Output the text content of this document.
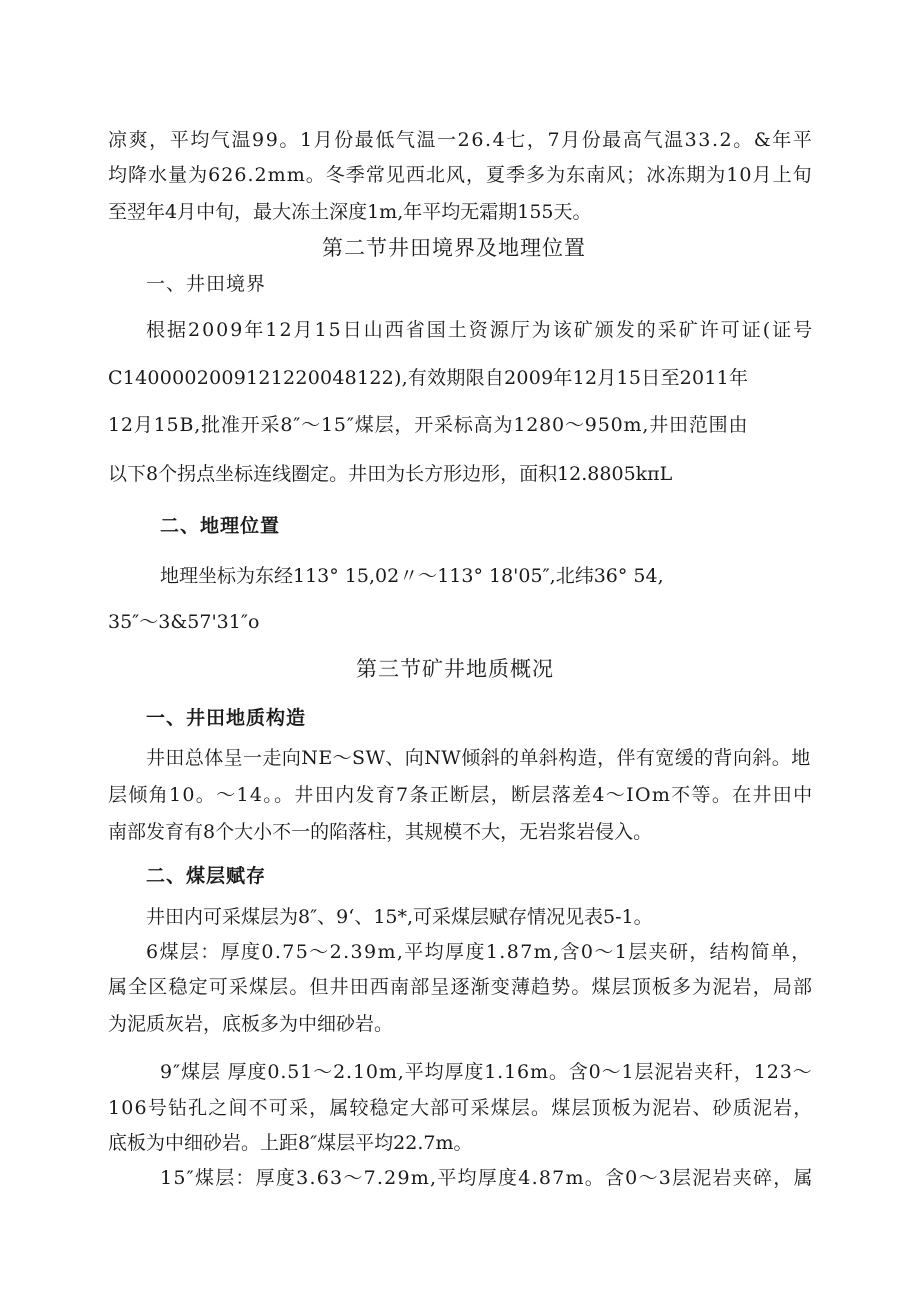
凉爽，平均气温99。1月份最低气温一26.4七，7月份最高气温33.2。&年平
均降水量为626.2mm。冬季常见西北风，夏季多为东南风；冰冻期为10月上旬
至翌年4月中旬，最大冻土深度1m,年平均无霜期155天。
第二节井田境界及地理位置
一、井田境界
根据2009年12月15日山西省国土资源厅为该矿颁发的采矿许可证(证号
C1400002009121220048122),有效期限自2009年12月15日至2011年
12月15B,批准开采8″～15″煤层，开采标高为1280～950m,井田范围由
以下8个拐点坐标连线圈定。井田为长方形边形，面积12.8805kπL
二、地理位置
地理坐标为东经113° 15,02〃～113° 18'05″,北纬36° 54,
35″～3&57'31″o
第三节矿井地质概况
一、井田地质构造
井田总体呈一走向NE～SW、向NW倾斜的单斜构造，伴有宽缓的背向斜。地
层倾角10。～14。。井田内发育7条正断层，断层落差4～IOm不等。在井田中
南部发育有8个大小不一的陷落柱，其规模不大，无岩浆岩侵入。
二、煤层赋存
井田内可采煤层为8″、9‘、15*,可采煤层赋存情况见表5-1。
6煤层：厚度0.75～2.39m,平均厚度1.87m,含0～1层夹研，结构简单，
属全区稳定可采煤层。但井田西南部呈逐渐变薄趋势。煤层顶板多为泥岩，局部
为泥质灰岩，底板多为中细砂岩。
9″煤层 厚度0.51～2.10m,平均厚度1.16m。含0～1层泥岩夹秆，123～
106号钻孔之间不可采，属较稳定大部可采煤层。煤层顶板为泥岩、砂质泥岩，
底板为中细砂岩。上距8″煤层平均22.7m。
15″煤层：厚度3.63～7.29m,平均厚度4.87m。含0～3层泥岩夹碎，属
